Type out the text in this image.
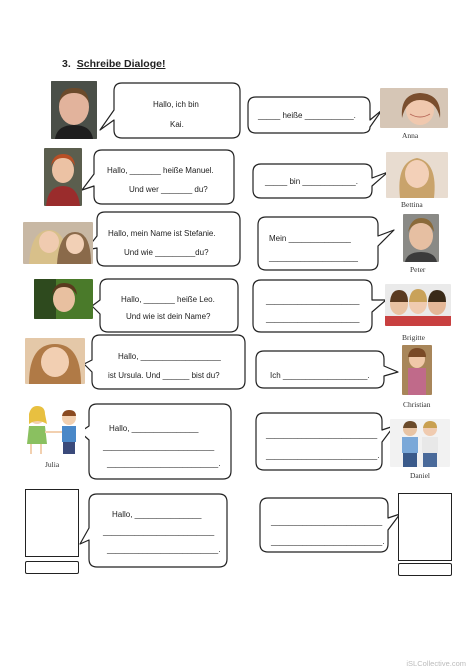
3. Schreibe Dialoge!
Anna
Bettina
Peter
Brigitte
Christian
Julia
Daniel
Hallo, ich bin
Kai.
_____ heiße ___________.
Hallo, _______ heiße Manuel.
Und wer _______ du?
_____ bin ____________.
Hallo, mein Name ist Stefanie.
Und wie _________du?
Mein ______________
____________________
Hallo, _______ heiße Leo.
Und wie ist dein Name?
_____________________
_____________________
Hallo, __________________
ist Ursula. Und ______ bist du?	Ich ___________________.
Hallo, _______________
_________________________
_________________________.
_________________________
_________________________.
Hallo, _______________
_________________________
_________________________.
_________________________
_________________________.
iSLCollective.com
